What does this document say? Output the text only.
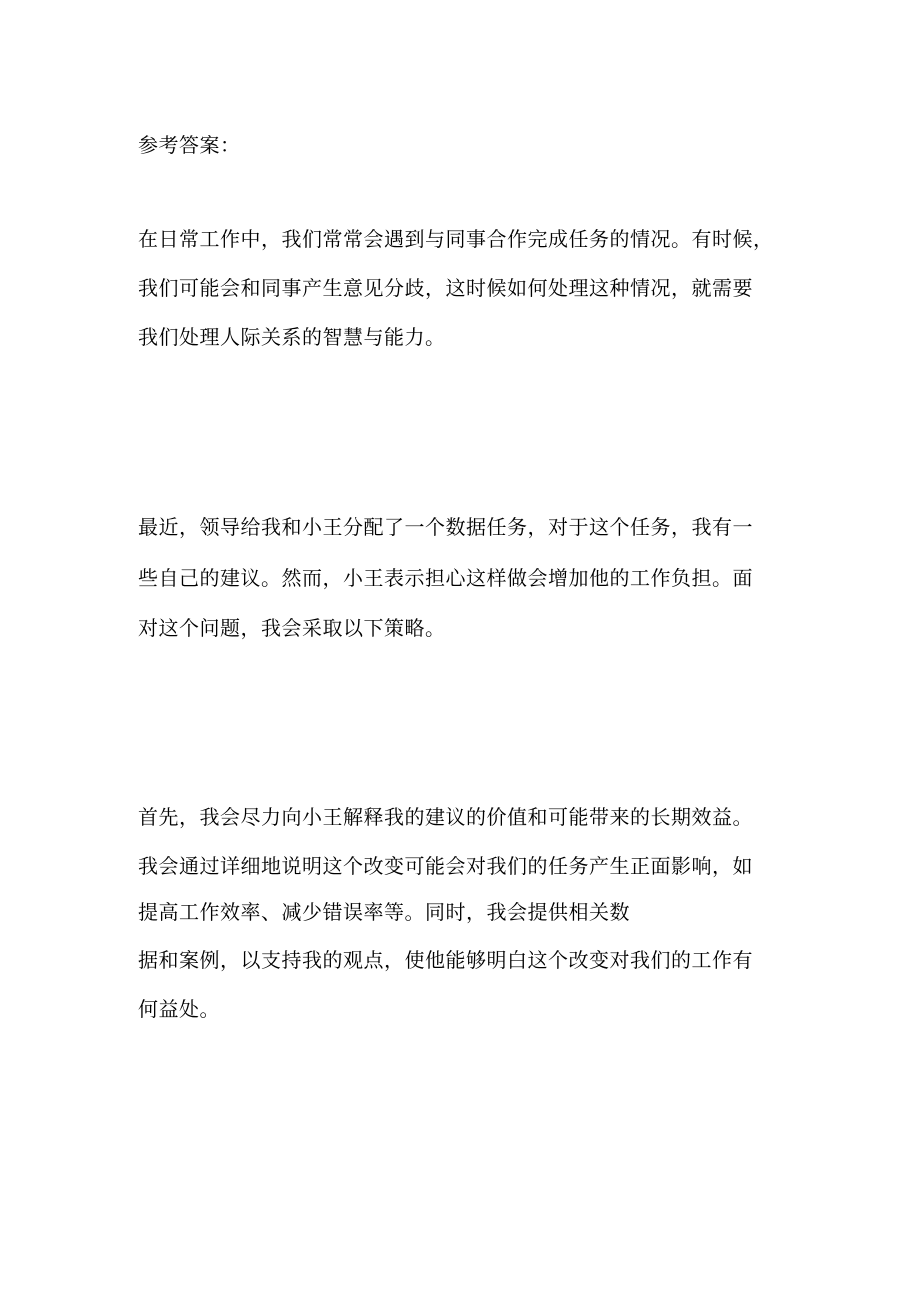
参考答案：
在日常工作中，我们常常会遇到与同事合作完成任务的情况。有时候，
我们可能会和同事产生意见分歧，这时候如何处理这种情况，就需要
我们处理人际关系的智慧与能力。
最近，领导给我和小王分配了一个数据任务，对于这个任务，我有一
些自己的建议。然而，小王表示担心这样做会增加他的工作负担。面
对这个问题，我会采取以下策略。
首先，我会尽力向小王解释我的建议的价值和可能带来的长期效益。
我会通过详细地说明这个改变可能会对我们的任务产生正面影响，如
提高工作效率、减少错误率等。同时，我会提供相关数
据和案例，以支持我的观点，使他能够明白这个改变对我们的工作有
何益处。
